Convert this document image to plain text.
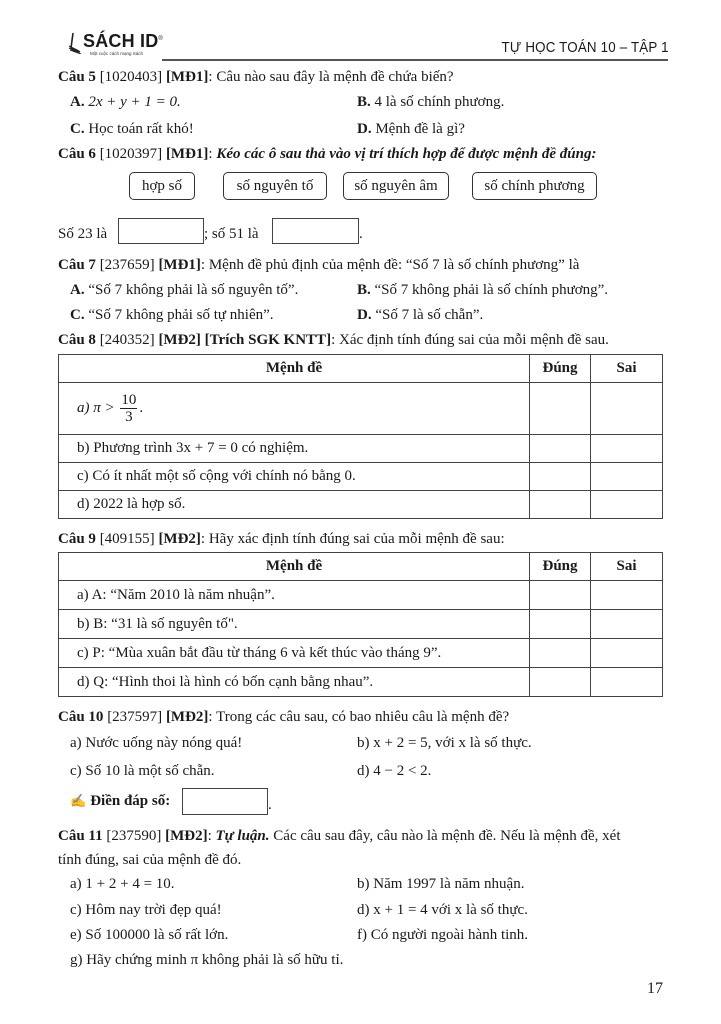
SÁCH ID®
Một cuộc cách mạng Sách	TỰ HỌC TOÁN 10 – TẬP 1
Câu 5 [1020403] [MĐ1]: Câu nào sau đây là mệnh đề chứa biến?
A. 2x + y + 1 = 0.	B. 4 là số chính phương.
C. Học toán rất khó!	D. Mệnh đề là gì?
Câu 6 [1020397] [MĐ1]: Kéo các ô sau thả vào vị trí thích hợp để được mệnh đề đúng:
hợp số	số nguyên tố	số nguyên âm	số chính phương
Số 23 là	; số 51 là	.
Câu 7 [237659] [MĐ1]: Mệnh đề phủ định của mệnh đề: “Số 7 là số chính phương” là
A. “Số 7 không phải là số nguyên tố”.	B. “Số 7 không phải là số chính phương”.
C. “Số 7 không phải số tự nhiên”.	D. “Số 7 là số chẵn”.
Câu 8 [240352] [MĐ2] [Trích SGK KNTT]: Xác định tính đúng sai của mỗi mệnh đề sau.
Mệnh đề	Đúng	Sai
a) $\pi > \frac{10}{3}$ .		
b) Phương trình 3x + 7 = 0 có nghiệm.		
c) Có ít nhất một số cộng với chính nó bằng 0.		
d) 2022 là hợp số.		
Câu 9 [409155] [MĐ2]: Hãy xác định tính đúng sai của mỗi mệnh đề sau:
Mệnh đề	Đúng	Sai
a) A: “Năm 2010 là năm nhuận”.		
b) B: “31 là số nguyên tố".		
c) P: “Mùa xuân bắt đầu từ tháng 6 và kết thúc vào tháng 9”.		
d) Q: “Hình thoi là hình có bốn cạnh bằng nhau”.		
Câu 10 [237597] [MĐ2]: Trong các câu sau, có bao nhiêu câu là mệnh đề?
a) Nước uống này nóng quá!	b) x + 2 = 5, với x là số thực.
c) Số 10 là một số chẵn.	d) 4 − 2 < 2.
✍ Điền đáp số:	.
Câu 11 [237590] [MĐ2]: Tự luận. Các câu sau đây, câu nào là mệnh đề. Nếu là mệnh đề, xét
tính đúng, sai của mệnh đề đó.
a) 1 + 2 + 4 = 10.	b) Năm 1997 là năm nhuận.
c) Hôm nay trời đẹp quá!	d) x + 1 = 4 với x là số thực.
e) Số 100000 là số rất lớn.	f) Có người ngoài hành tinh.
g) Hãy chứng minh π không phải là số hữu tỉ.
17
